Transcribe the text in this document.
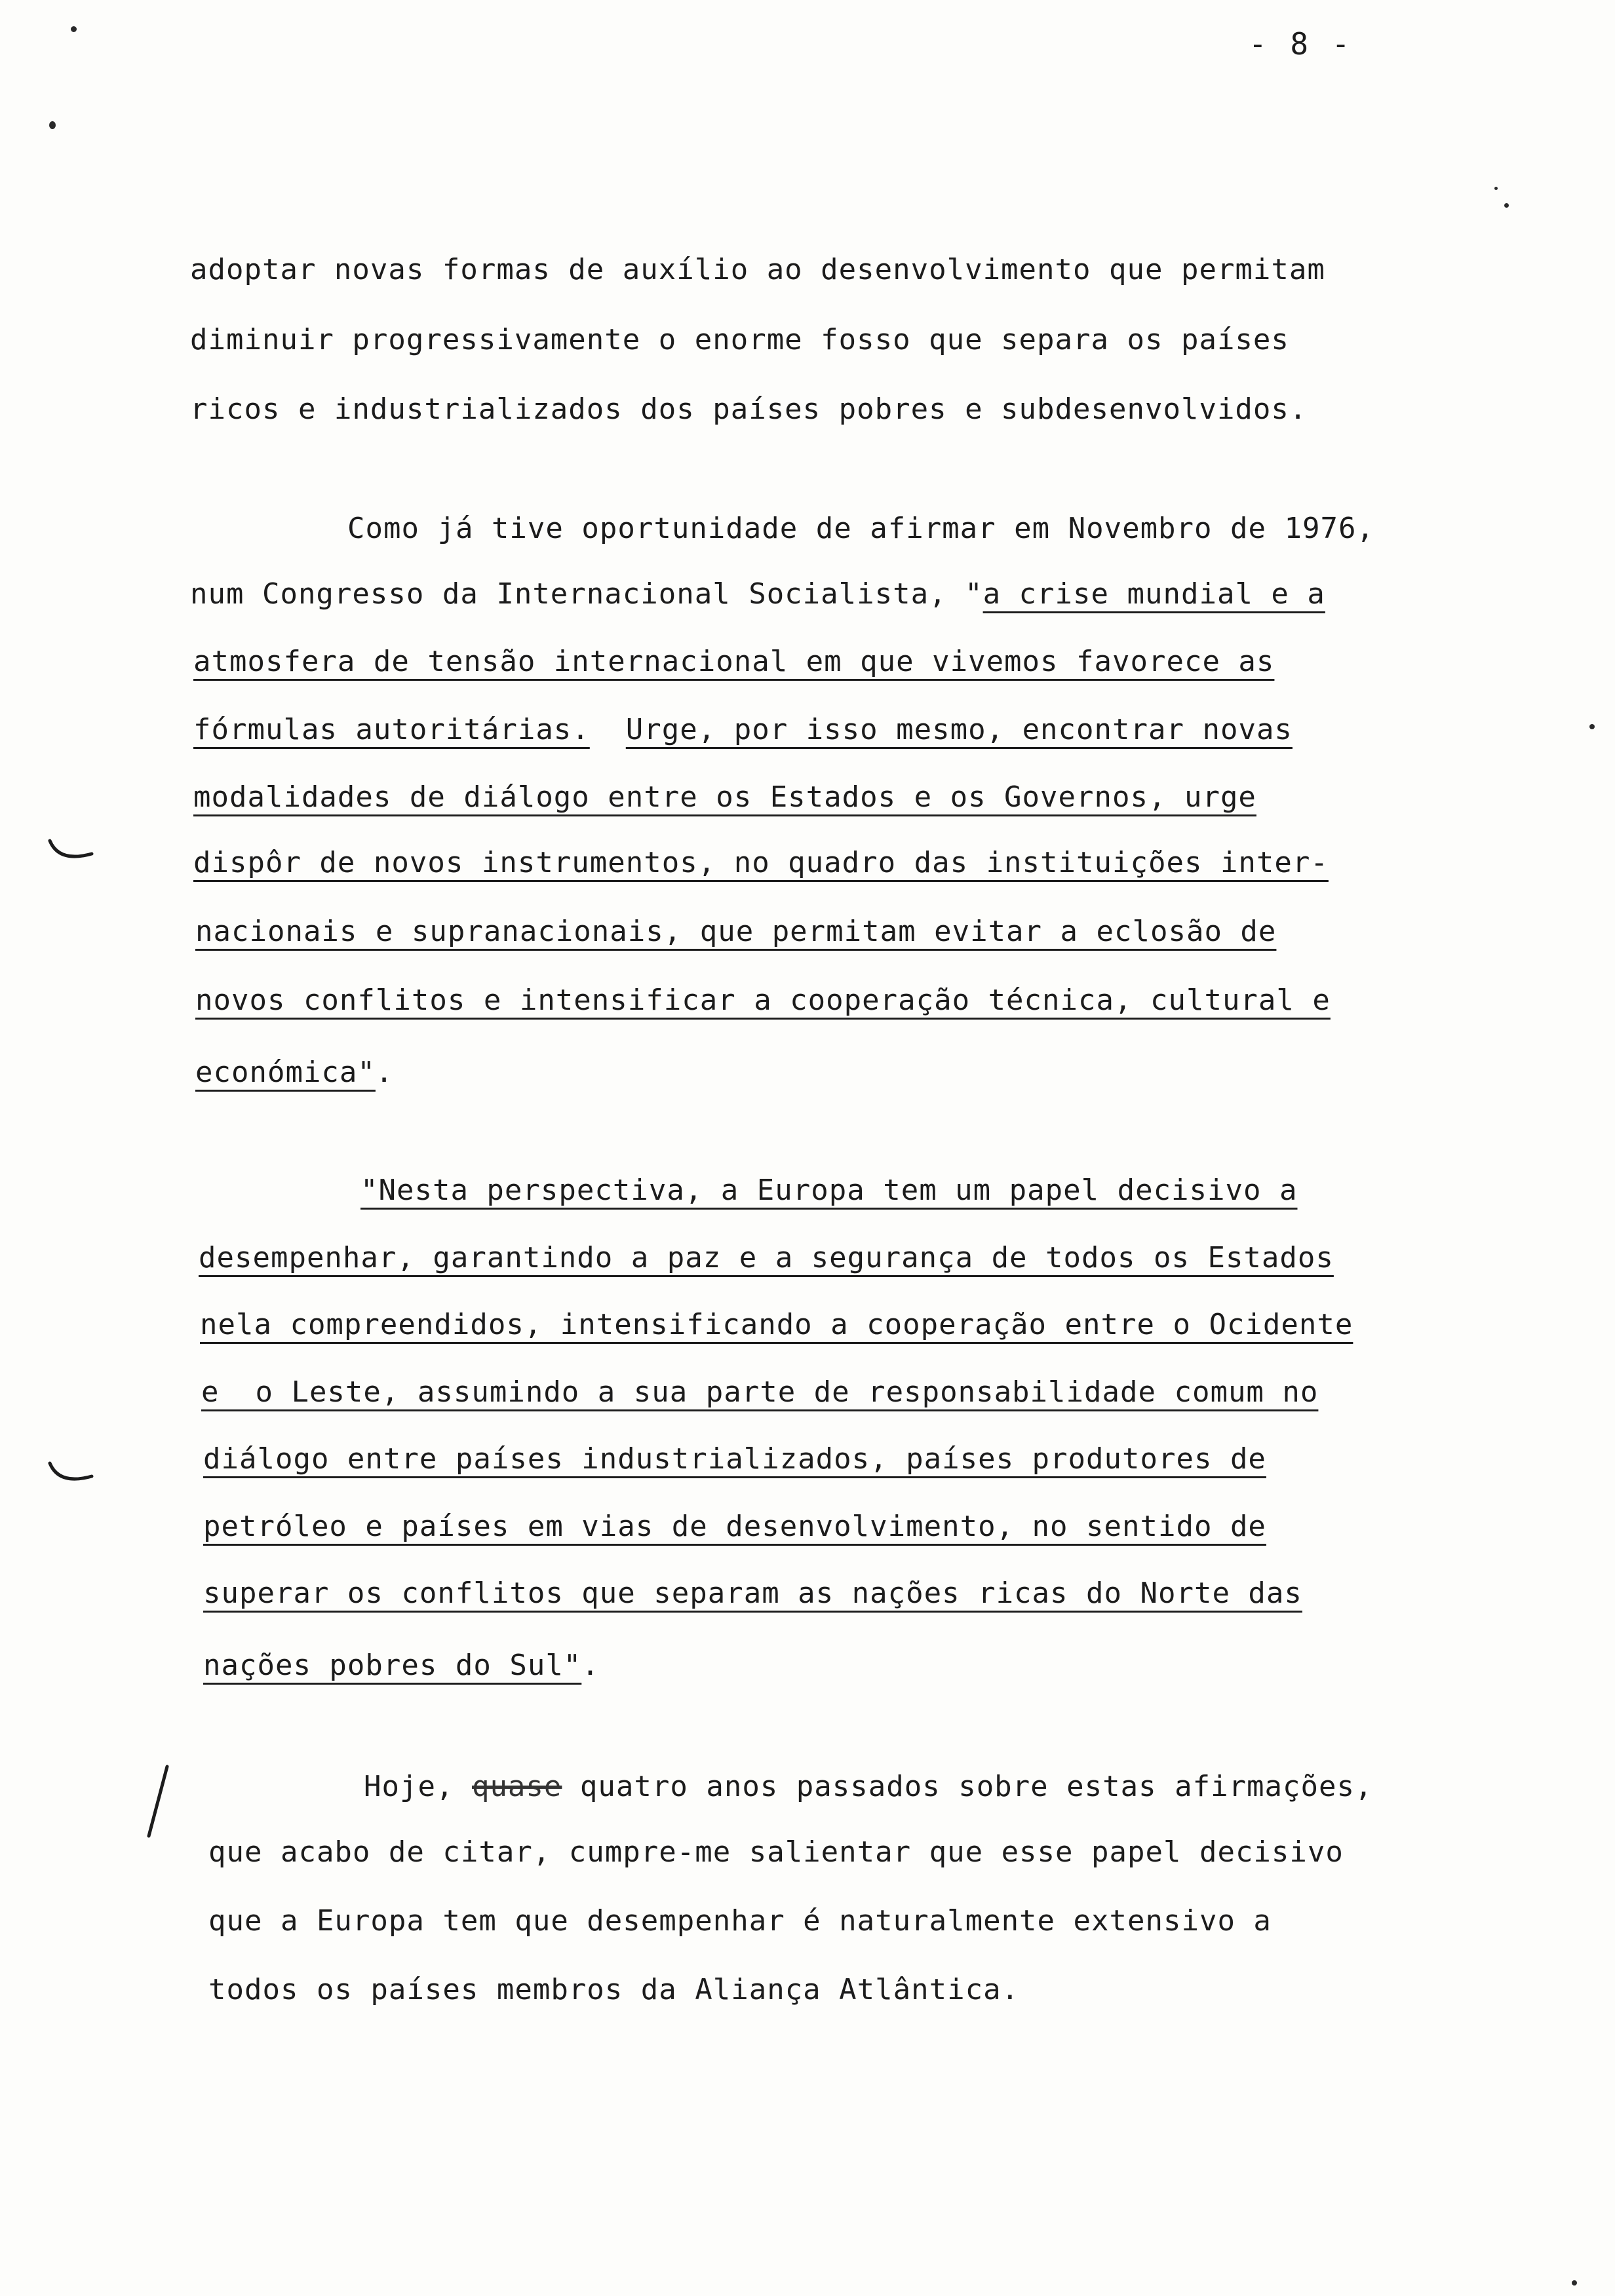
- 8 -
adoptar novas formas de auxílio ao desenvolvimento que permitam
diminuir progressivamente o enorme fosso que separa os países
ricos e industrializados dos países pobres e subdesenvolvidos.
Como já tive oportunidade de afirmar em Novembro de 1976,
num Congresso da Internacional Socialista, "a crise mundial e a
atmosfera de tensão internacional em que vivemos favorece as
fórmulas autoritárias. Urge, por isso mesmo, encontrar novas
modalidades de diálogo entre os Estados e os Governos, urge
dispôr de novos instrumentos, no quadro das instituições inter-
nacionais e supranacionais, que permitam evitar a eclosão de
novos conflitos e intensificar a cooperação técnica, cultural e
económica".
"Nesta perspectiva, a Europa tem um papel decisivo a
desempenhar, garantindo a paz e a segurança de todos os Estados
nela compreendidos, intensificando a cooperação entre o Ocidente
e  o Leste, assumindo a sua parte de responsabilidade comum no
diálogo entre países industrializados, países produtores de
petróleo e países em vias de desenvolvimento, no sentido de
superar os conflitos que separam as nações ricas do Norte das
nações pobres do Sul".
Hoje, quase quatro anos passados sobre estas afirmações,
que acabo de citar, cumpre-me salientar que esse papel decisivo
que a Europa tem que desempenhar é naturalmente extensivo a
todos os países membros da Aliança Atlântica.
